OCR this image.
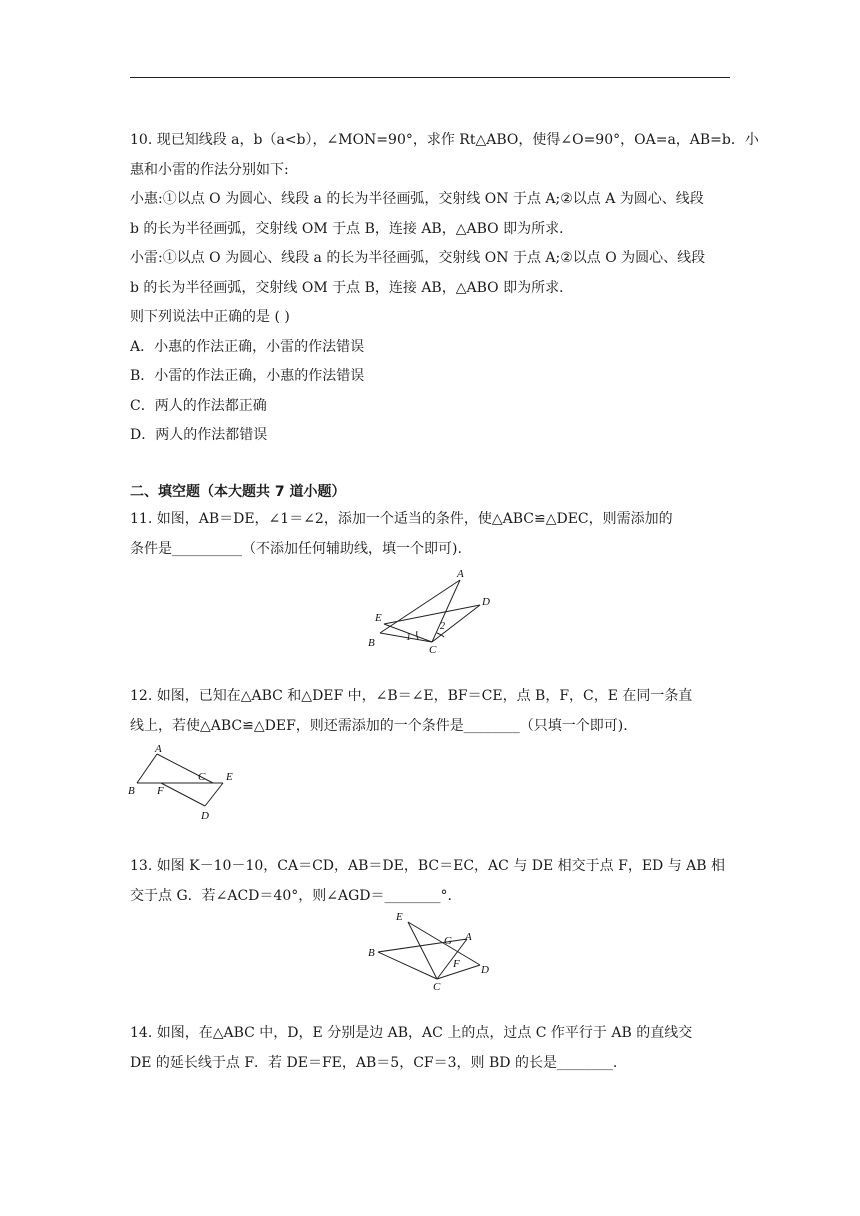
10. 现已知线段 a，b（a<b），∠MON=90°，求作 Rt△ABO，使得∠O=90°，OA=a，AB=b．小
惠和小雷的作法分别如下:
小惠:①以点 O 为圆心、线段 a 的长为半径画弧，交射线 ON 于点 A;②以点 A 为圆心、线段
b 的长为半径画弧，交射线 OM 于点 B，连接 AB，△ABO 即为所求．
小雷:①以点 O 为圆心、线段 a 的长为半径画弧，交射线 ON 于点 A;②以点 O 为圆心、线段
b 的长为半径画弧，交射线 OM 于点 B，连接 AB，△ABO 即为所求．
则下列说法中正确的是 ( )
A．小惠的作法正确，小雷的作法错误
B．小雷的作法正确，小惠的作法错误
C．两人的作法都正确
D．两人的作法都错误
二、填空题（本大题共 7 道小题）
11. 如图，AB＝DE，∠1＝∠2，添加一个适当的条件，使△ABC≌△DEC，则需添加的
条件是__________（不添加任何辅助线，填一个即可).
A
B
C
D
E
1
2
12. 如图，已知在△ABC 和△DEF 中，∠B＝∠E，BF＝CE，点 B，F，C，E 在同一条直
线上，若使△ABC≌△DEF，则还需添加的一个条件是________（只填一个即可).
A
B
C E
F
D
13. 如图 K－10－10，CA＝CD，AB＝DE，BC＝EC，AC 与 DE 相交于点 F，ED 与 AB 相
交于点 G．若∠ACD＝40°，则∠AGD＝________°.
E
B
G A
F D
C
14. 如图，在△ABC 中，D，E 分别是边 AB，AC 上的点，过点 C 作平行于 AB 的直线交
DE 的延长线于点 F．若 DE＝FE，AB＝5，CF＝3，则 BD 的长是________.
